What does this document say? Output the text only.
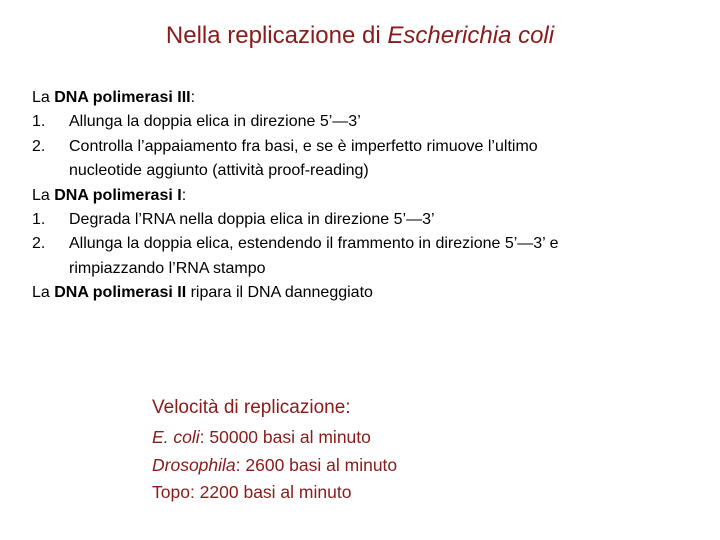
Nella replicazione di Escherichia coli
La DNA polimerasi III:
1. Allunga la doppia elica in direzione 5’—3’
2. Controlla l’appaiamento fra basi, e se è imperfetto rimuove l’ultimo
nucleotide aggiunto (attività proof-reading)
La DNA polimerasi I:
1. Degrada l’RNA nella doppia elica in direzione 5’—3’
2. Allunga la doppia elica, estendendo il frammento in direzione 5’—3’ e
rimpiazzando l’RNA stampo
La DNA polimerasi II ripara il DNA danneggiato
Velocità di replicazione:
E. coli: 50000 basi al minuto
Drosophila: 2600 basi al minuto
Topo: 2200 basi al minuto
